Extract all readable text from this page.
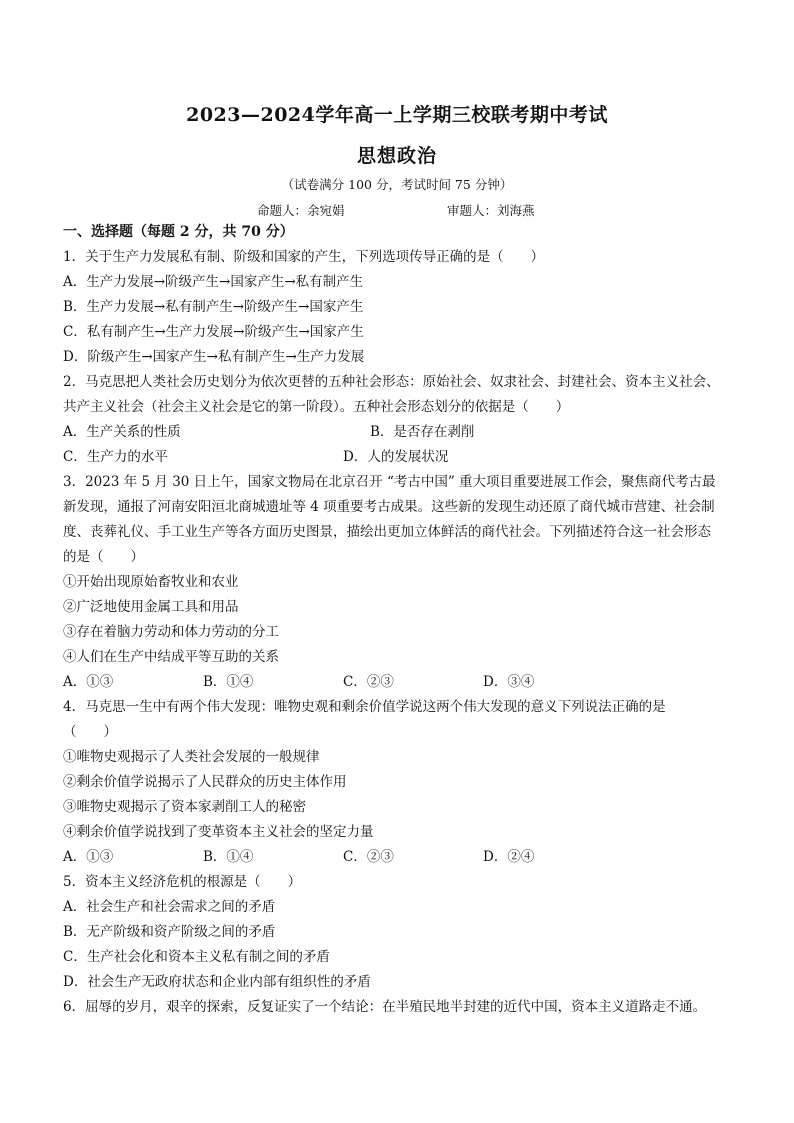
2023—2024学年高一上学期三校联考期中考试
思想政治
（试卷满分 100 分，考试时间 75 分钟）
命题人：余宛娟	审题人：刘海燕
一、选择题（每题 2 分，共 70 分）
1．关于生产力发展私有制、阶级和国家的产生，下列选项传导正确的是（　　）
A．生产力发展→阶级产生→国家产生→私有制产生
B．生产力发展→私有制产生→阶级产生→国家产生
C．私有制产生→生产力发展→阶级产生→国家产生
D．阶级产生→国家产生→私有制产生→生产力发展
2．马克思把人类社会历史划分为依次更替的五种社会形态：原始社会、奴隶社会、封建社会、资本主义社会、
共产主义社会（社会主义社会是它的第一阶段）。五种社会形态划分的依据是（　　）
A．生产关系的性质	B．是否存在剥削
C．生产力的水平	D．人的发展状况
3．2023 年 5 月 30 日上午，国家文物局在北京召开 “考古中国” 重大项目重要进展工作会，聚焦商代考古最
新发现，通报了河南安阳洹北商城遗址等 4 项重要考古成果。这些新的发现生动还原了商代城市营建、社会制
度、丧葬礼仪、手工业生产等各方面历史图景，描绘出更加立体鲜活的商代社会。下列描述符合这一社会形态
的是（　　）
①开始出现原始畜牧业和农业
②广泛地使用金属工具和用品
③存在着脑力劳动和体力劳动的分工
④人们在生产中结成平等互助的关系
A．①③	B．①④	C．②③	D．③④
4．马克思一生中有两个伟大发现：唯物史观和剩余价值学说这两个伟大发现的意义下列说法正确的是
（　　）
①唯物史观揭示了人类社会发展的一般规律
②剩余价值学说揭示了人民群众的历史主体作用
③唯物史观揭示了资本家剥削工人的秘密
④剩余价值学说找到了变革资本主义社会的坚定力量
A．①③	B．①④	C．②③	D．②④
5．资本主义经济危机的根源是（　　）
A．社会生产和社会需求之间的矛盾
B．无产阶级和资产阶级之间的矛盾
C．生产社会化和资本主义私有制之间的矛盾
D．社会生产无政府状态和企业内部有组织性的矛盾
6．屈辱的岁月，艰辛的探索，反复证实了一个结论：在半殖民地半封建的近代中国，资本主义道路走不通。
